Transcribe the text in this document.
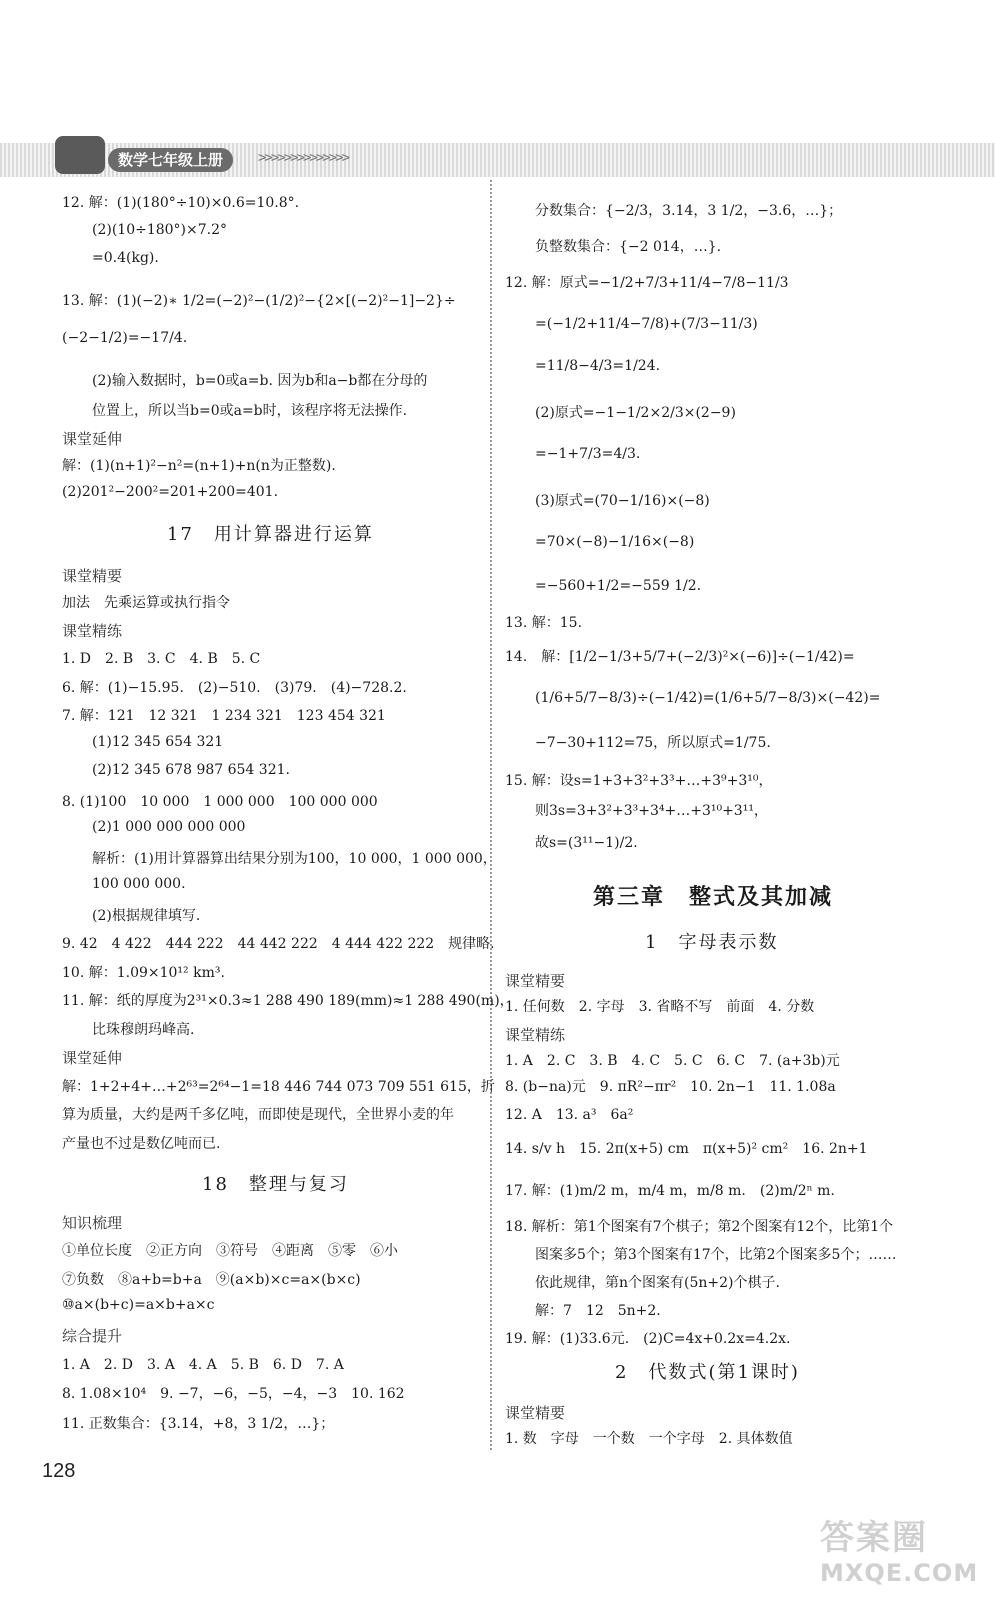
数学七年级上册	>>>>>>>>>>>>>>
12. 解：(1)(180°÷10)×0.6=10.8°.
(2)(10÷180°)×7.2°
=0.4(kg).
13. 解：(1)(−2)∗ 1/2=(−2)²−(1/2)²−{2×[(−2)²−1]−2}÷
(−2−1/2)=−17/4.
(2)输入数据时，b=0或a=b. 因为b和a−b都在分母的
位置上，所以当b=0或a=b时，该程序将无法操作.
课堂延伸
解：(1)(n+1)²−n²=(n+1)+n(n为正整数).
(2)201²−200²=201+200=401.
17　用计算器进行运算
课堂精要
加法　先乘运算或执行指令
课堂精练
1. D　2. B　3. C　4. B　5. C
6. 解：(1)−15.95.　(2)−510.　(3)79.　(4)−728.2.
7. 解：121　12 321　1 234 321　123 454 321
(1)12 345 654 321
(2)12 345 678 987 654 321.
8. (1)100　10 000　1 000 000　100 000 000
(2)1 000 000 000 000
解析：(1)用计算器算出结果分别为100，10 000，1 000 000，
100 000 000.
(2)根据规律填写.
9. 42　4 422　444 222　44 442 222　4 444 422 222　规律略.
10. 解：1.09×10¹² km³.
11. 解：纸的厚度为2³¹×0.3≈1 288 490 189(mm)≈1 288 490(m)，
比珠穆朗玛峰高.
课堂延伸
解：1+2+4+…+2⁶³=2⁶⁴−1=18 446 744 073 709 551 615，折
算为质量，大约是两千多亿吨，而即使是现代，全世界小麦的年
产量也不过是数亿吨而已.
18　整理与复习
知识梳理
①单位长度　②正方向　③符号　④距离　⑤零　⑥小
⑦负数　⑧a+b=b+a　⑨(a×b)×c=a×(b×c)
⑩a×(b+c)=a×b+a×c
综合提升
1. A　2. D　3. A　4. A　5. B　6. D　7. A
8. 1.08×10⁴　9. −7，−6，−5，−4，−3　10. 162
11. 正数集合：{3.14，+8，3 1/2，…}；
分数集合：{−2/3，3.14，3 1/2，−3.6，…}；
负整数集合：{−2 014，…}.
12. 解：原式=−1/2+7/3+11/4−7/8−11/3
=(−1/2+11/4−7/8)+(7/3−11/3)
=11/8−4/3=1/24.
(2)原式=−1−1/2×2/3×(2−9)
=−1+7/3=4/3.
(3)原式=(70−1/16)×(−8)
=70×(−8)−1/16×(−8)
=−560+1/2=−559 1/2.
13. 解：15.
14.　解：[1/2−1/3+5/7+(−2/3)²×(−6)]÷(−1/42)=
(1/6+5/7−8/3)÷(−1/42)=(1/6+5/7−8/3)×(−42)=
−7−30+112=75，所以原式=1/75.
15. 解：设s=1+3+3²+3³+…+3⁹+3¹⁰，
则3s=3+3²+3³+3⁴+…+3¹⁰+3¹¹，
故s=(3¹¹−1)/2.
第三章　整式及其加减
1　字母表示数
课堂精要
1. 任何数　2. 字母　3. 省略不写　前面　4. 分数
课堂精练
1. A　2. C　3. B　4. C　5. C　6. C　7. (a+3b)元
8. (b−na)元　9. πR²−πr²　10. 2n−1　11. 1.08a
12. A　13. a³　6a²
14. s/v h　15. 2π(x+5) cm　π(x+5)² cm²　16. 2n+1
17. 解：(1)m/2 m，m/4 m，m/8 m.　(2)m/2ⁿ m.
18. 解析：第1个图案有7个棋子；第2个图案有12个，比第1个
图案多5个；第3个图案有17个，比第2个图案多5个；……
依此规律，第n个图案有(5n+2)个棋子.
解：7　12　5n+2.
19. 解：(1)33.6元.　(2)C=4x+0.2x=4.2x.
2　代数式(第1课时)
课堂精要
1. 数　字母　一个数　一个字母　2. 具体数值
128
答案圈
MXQE.COM
